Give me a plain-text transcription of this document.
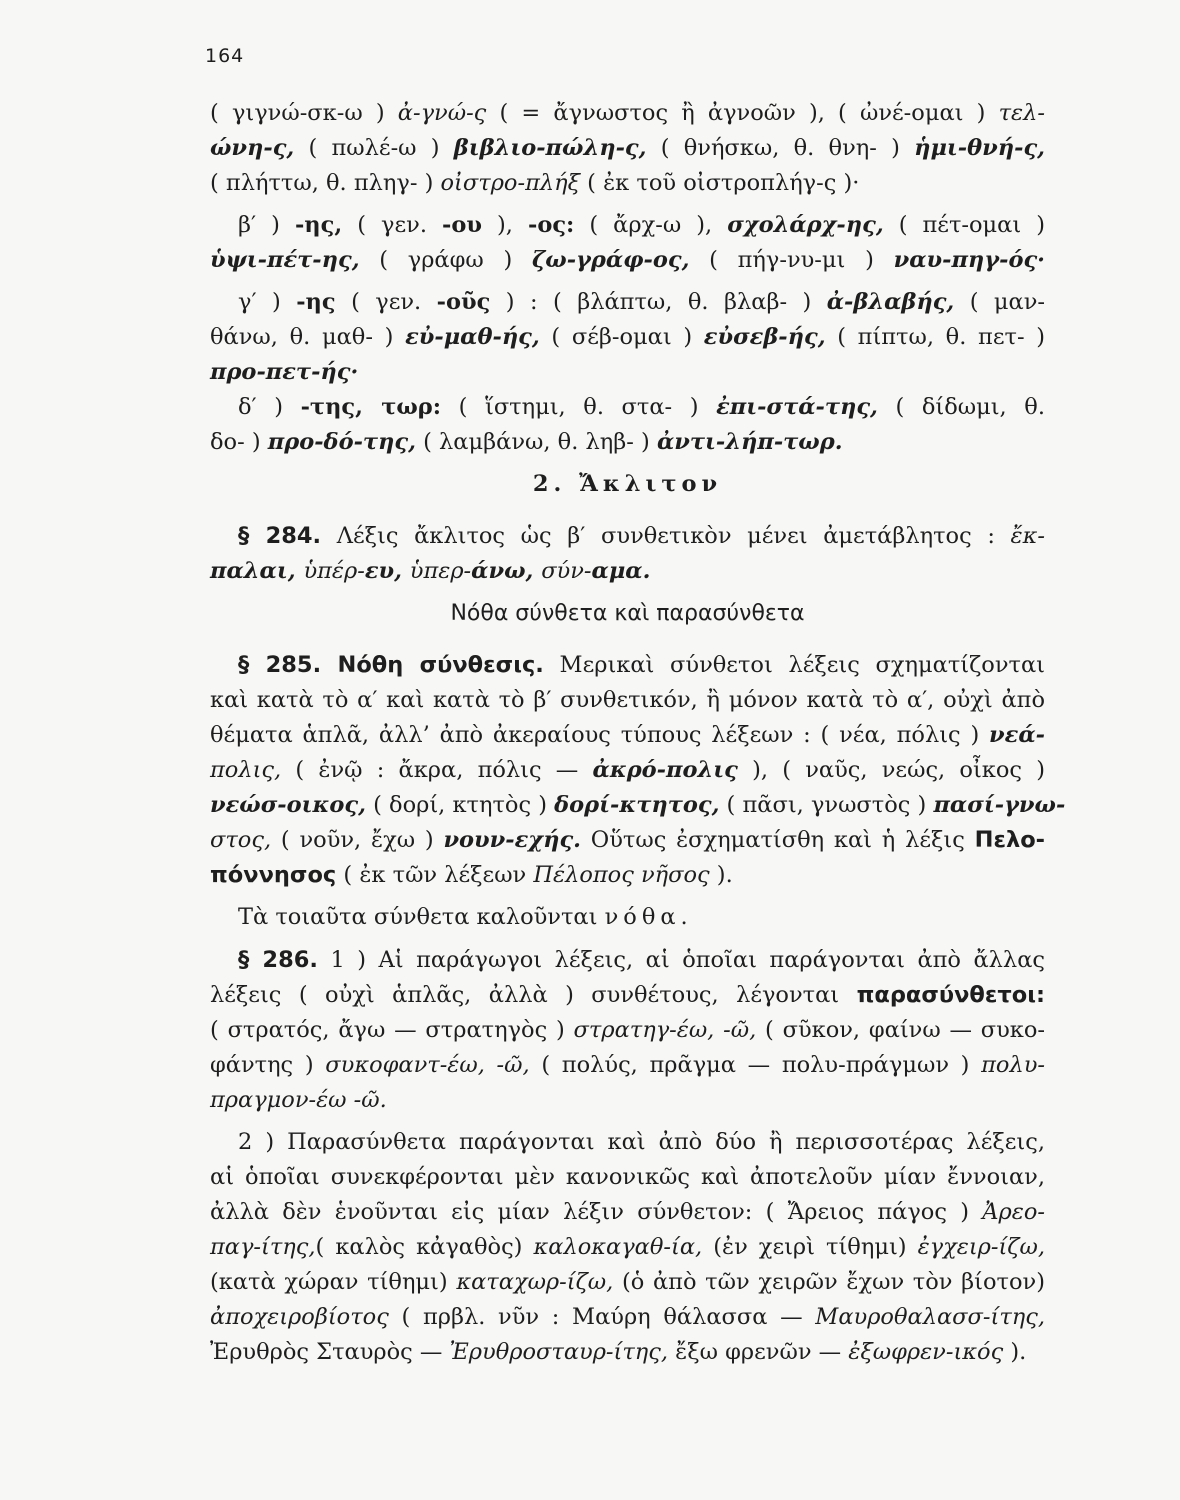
164
( γιγνώ-σκ-ω ) ἀ-γνώ-ς ( = ἄγνωστος ἢ ἀγνοῶν ), ( ὠνέ-ομαι ) τελ-
ώνη-ς, ( πωλέ-ω ) βιβλιο-πώλη-ς, ( θνήσκω, θ. θνη- ) ἡμι-θνή-ς,
( πλήττω, θ. πληγ- ) οἰστρο-πλήξ ( ἐκ τοῦ οἰστροπλήγ-ς )·
β′ ) -ης, ( γεν. -ου ), -ος: ( ἄρχ-ω ), σχολάρχ-ης, ( πέτ-ομαι )
ὑψι-πέτ-ης, ( γράφω ) ζω-γράφ-ος, ( πήγ-νυ-μι ) ναυ-πηγ-ός·
γ′ ) -ης ( γεν. -οῦς ) : ( βλάπτω, θ. βλαβ- ) ἀ-βλαβής, ( μαν-
θάνω, θ. μαθ- ) εὐ-μαθ-ής, ( σέβ-ομαι ) εὐσεβ-ής, ( πίπτω, θ. πετ- )
προ-πετ-ής·
δ′ ) -της, τωρ: ( ἵστημι, θ. στα- ) ἐπι-στά-της, ( δίδωμι, θ.
δο- ) προ-δό-της, ( λαμβάνω, θ. ληβ- ) ἀντι-λήπ-τωρ.
2. Ἄκλιτον
§ 284. Λέξις ἄκλιτος ὡς β′ συνθετικὸν μένει ἀμετάβλητος : ἔκ-
παλαι, ὑπέρ-ευ, ὑπερ-άνω, σύν-αμα.
Νόθα σύνθετα καὶ παρασύνθετα
§ 285. Νόθη σύνθεσις. Μερικαὶ σύνθετοι λέξεις σχηματίζονται
καὶ κατὰ τὸ α′ καὶ κατὰ τὸ β′ συνθετικόν, ἢ μόνον κατὰ τὸ α′, οὐχὶ ἀπὸ
θέματα ἁπλᾶ, ἀλλ’ ἀπὸ ἀκεραίους τύπους λέξεων : ( νέα, πόλις ) νεά-
πολις, ( ἐνῷ : ἄκρα, πόλις — ἀκρό-πολις ), ( ναῦς, νεώς, οἶκος )
νεώσ-οικος, ( δορί, κτητὸς ) δορί-κτητος, ( πᾶσι, γνωστὸς ) πασί-γνω-
στος, ( νοῦν, ἔχω ) νουν-εχής. Οὕτως ἐσχηματίσθη καὶ ἡ λέξις Πελο-
πόννησος ( ἐκ τῶν λέξεων Πέλοπος νῆσος ).
Τὰ τοιαῦτα σύνθετα καλοῦνται νόθα.
§ 286. 1 ) Αἱ παράγωγοι λέξεις, αἱ ὁποῖαι παράγονται ἀπὸ ἄλλας
λέξεις ( οὐχὶ ἁπλᾶς, ἀλλὰ ) συνθέτους, λέγονται παρασύνθετοι:
( στρατός, ἄγω — στρατηγὸς ) στρατηγ-έω, -ῶ, ( σῦκον, φαίνω — συκο-
φάντης ) συκοφαντ-έω, -ῶ, ( πολύς, πρᾶγμα — πολυ-πράγμων ) πολυ-
πραγμον-έω -ῶ.
2 ) Παρασύνθετα παράγονται καὶ ἀπὸ δύο ἢ περισσοτέρας λέξεις,
αἱ ὁποῖαι συνεκφέρονται μὲν κανονικῶς καὶ ἀποτελοῦν μίαν ἔννοιαν,
ἀλλὰ δὲν ἑνοῦνται εἰς μίαν λέξιν σύνθετον: ( Ἄρειος πάγος ) Ἀρεο-
παγ-ίτης,( καλὸς κἀγαθὸς) καλοκαγαθ-ία, (ἐν χειρὶ τίθημι) ἐγχειρ-ίζω,
(κατὰ χώραν τίθημι) καταχωρ-ίζω, (ὁ ἀπὸ τῶν χειρῶν ἔχων τὸν βίοτον)
ἀποχειροβίοτος ( πρβλ. νῦν : Μαύρη θάλασσα — Μαυροθαλασσ-ίτης,
Ἐρυθρὸς Σταυρὸς — Ἐρυθροσταυρ-ίτης, ἔξω φρενῶν — ἐξωφρεν-ικός ).
